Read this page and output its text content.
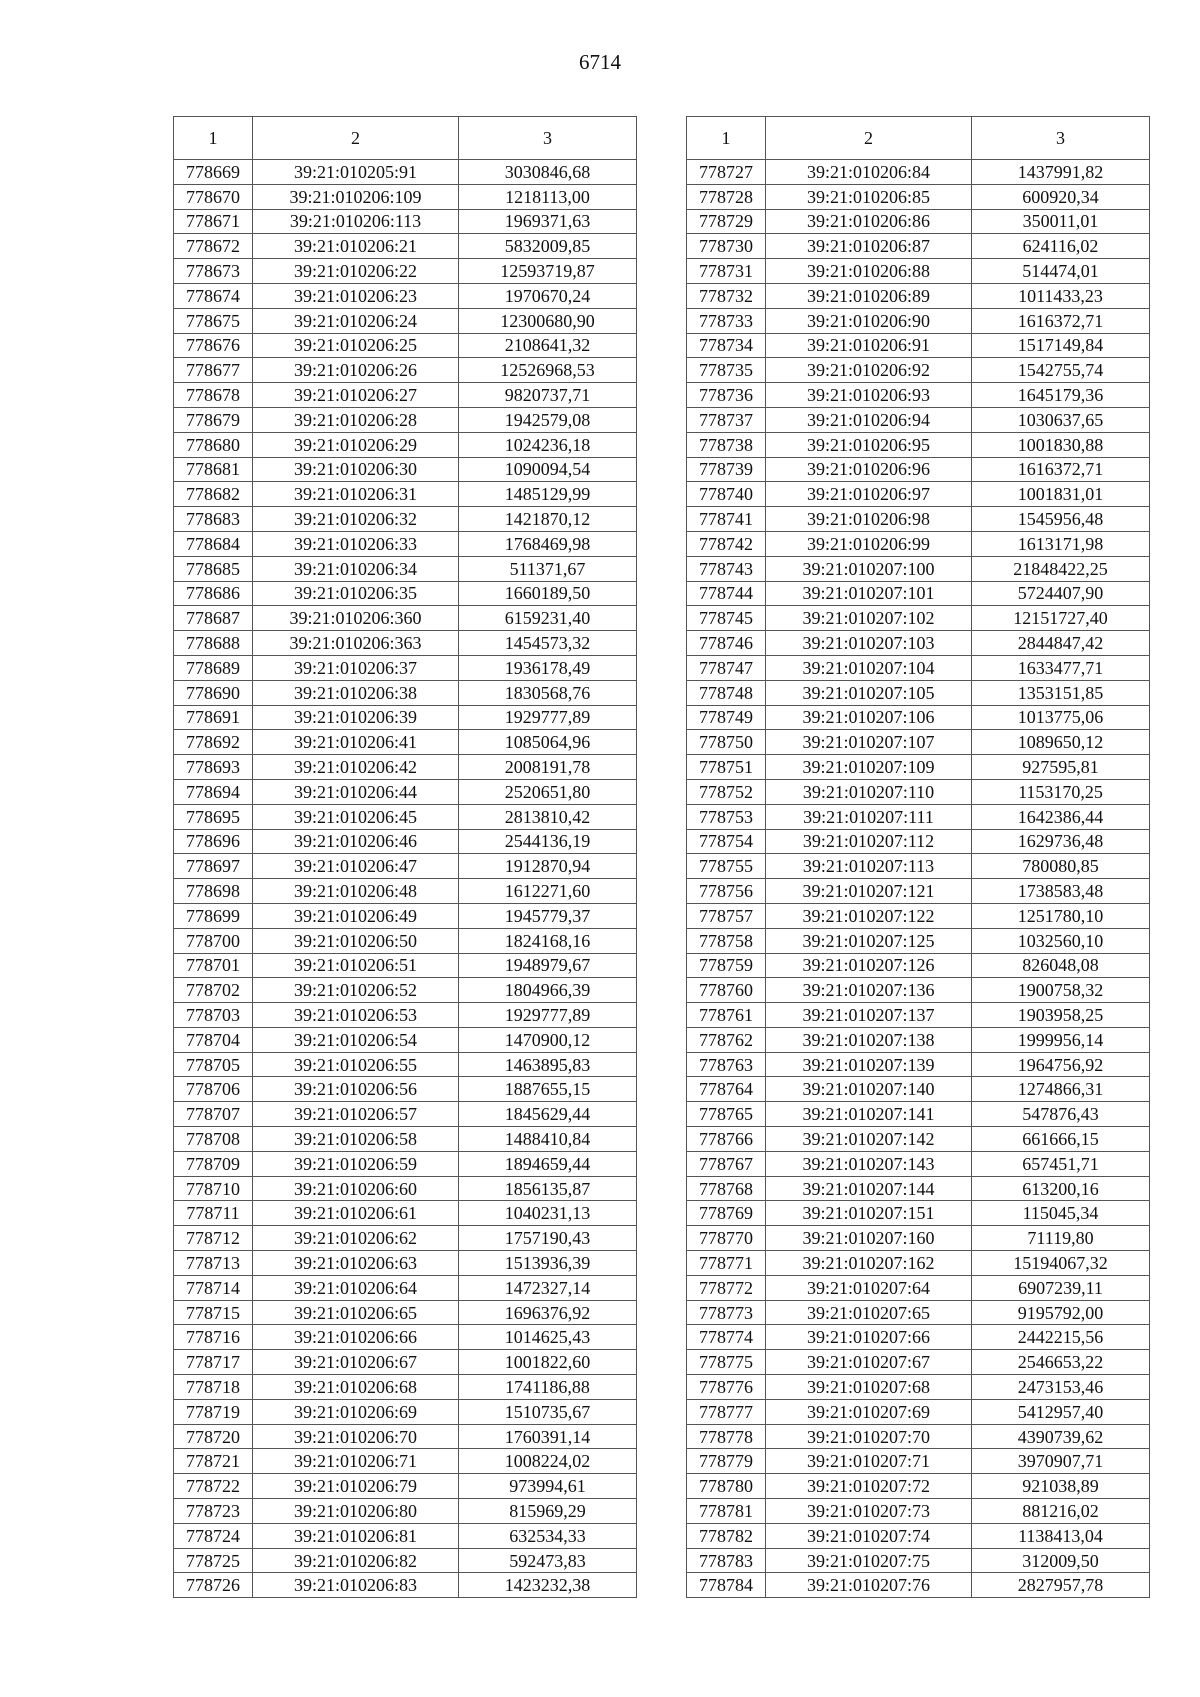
6714
1	2	3
778669	39:21:010205:91	3030846,68
778670	39:21:010206:109	1218113,00
778671	39:21:010206:113	1969371,63
778672	39:21:010206:21	5832009,85
778673	39:21:010206:22	12593719,87
778674	39:21:010206:23	1970670,24
778675	39:21:010206:24	12300680,90
778676	39:21:010206:25	2108641,32
778677	39:21:010206:26	12526968,53
778678	39:21:010206:27	9820737,71
778679	39:21:010206:28	1942579,08
778680	39:21:010206:29	1024236,18
778681	39:21:010206:30	1090094,54
778682	39:21:010206:31	1485129,99
778683	39:21:010206:32	1421870,12
778684	39:21:010206:33	1768469,98
778685	39:21:010206:34	511371,67
778686	39:21:010206:35	1660189,50
778687	39:21:010206:360	6159231,40
778688	39:21:010206:363	1454573,32
778689	39:21:010206:37	1936178,49
778690	39:21:010206:38	1830568,76
778691	39:21:010206:39	1929777,89
778692	39:21:010206:41	1085064,96
778693	39:21:010206:42	2008191,78
778694	39:21:010206:44	2520651,80
778695	39:21:010206:45	2813810,42
778696	39:21:010206:46	2544136,19
778697	39:21:010206:47	1912870,94
778698	39:21:010206:48	1612271,60
778699	39:21:010206:49	1945779,37
778700	39:21:010206:50	1824168,16
778701	39:21:010206:51	1948979,67
778702	39:21:010206:52	1804966,39
778703	39:21:010206:53	1929777,89
778704	39:21:010206:54	1470900,12
778705	39:21:010206:55	1463895,83
778706	39:21:010206:56	1887655,15
778707	39:21:010206:57	1845629,44
778708	39:21:010206:58	1488410,84
778709	39:21:010206:59	1894659,44
778710	39:21:010206:60	1856135,87
778711	39:21:010206:61	1040231,13
778712	39:21:010206:62	1757190,43
778713	39:21:010206:63	1513936,39
778714	39:21:010206:64	1472327,14
778715	39:21:010206:65	1696376,92
778716	39:21:010206:66	1014625,43
778717	39:21:010206:67	1001822,60
778718	39:21:010206:68	1741186,88
778719	39:21:010206:69	1510735,67
778720	39:21:010206:70	1760391,14
778721	39:21:010206:71	1008224,02
778722	39:21:010206:79	973994,61
778723	39:21:010206:80	815969,29
778724	39:21:010206:81	632534,33
778725	39:21:010206:82	592473,83
778726	39:21:010206:83	1423232,38
1	2	3
778727	39:21:010206:84	1437991,82
778728	39:21:010206:85	600920,34
778729	39:21:010206:86	350011,01
778730	39:21:010206:87	624116,02
778731	39:21:010206:88	514474,01
778732	39:21:010206:89	1011433,23
778733	39:21:010206:90	1616372,71
778734	39:21:010206:91	1517149,84
778735	39:21:010206:92	1542755,74
778736	39:21:010206:93	1645179,36
778737	39:21:010206:94	1030637,65
778738	39:21:010206:95	1001830,88
778739	39:21:010206:96	1616372,71
778740	39:21:010206:97	1001831,01
778741	39:21:010206:98	1545956,48
778742	39:21:010206:99	1613171,98
778743	39:21:010207:100	21848422,25
778744	39:21:010207:101	5724407,90
778745	39:21:010207:102	12151727,40
778746	39:21:010207:103	2844847,42
778747	39:21:010207:104	1633477,71
778748	39:21:010207:105	1353151,85
778749	39:21:010207:106	1013775,06
778750	39:21:010207:107	1089650,12
778751	39:21:010207:109	927595,81
778752	39:21:010207:110	1153170,25
778753	39:21:010207:111	1642386,44
778754	39:21:010207:112	1629736,48
778755	39:21:010207:113	780080,85
778756	39:21:010207:121	1738583,48
778757	39:21:010207:122	1251780,10
778758	39:21:010207:125	1032560,10
778759	39:21:010207:126	826048,08
778760	39:21:010207:136	1900758,32
778761	39:21:010207:137	1903958,25
778762	39:21:010207:138	1999956,14
778763	39:21:010207:139	1964756,92
778764	39:21:010207:140	1274866,31
778765	39:21:010207:141	547876,43
778766	39:21:010207:142	661666,15
778767	39:21:010207:143	657451,71
778768	39:21:010207:144	613200,16
778769	39:21:010207:151	115045,34
778770	39:21:010207:160	71119,80
778771	39:21:010207:162	15194067,32
778772	39:21:010207:64	6907239,11
778773	39:21:010207:65	9195792,00
778774	39:21:010207:66	2442215,56
778775	39:21:010207:67	2546653,22
778776	39:21:010207:68	2473153,46
778777	39:21:010207:69	5412957,40
778778	39:21:010207:70	4390739,62
778779	39:21:010207:71	3970907,71
778780	39:21:010207:72	921038,89
778781	39:21:010207:73	881216,02
778782	39:21:010207:74	1138413,04
778783	39:21:010207:75	312009,50
778784	39:21:010207:76	2827957,78
